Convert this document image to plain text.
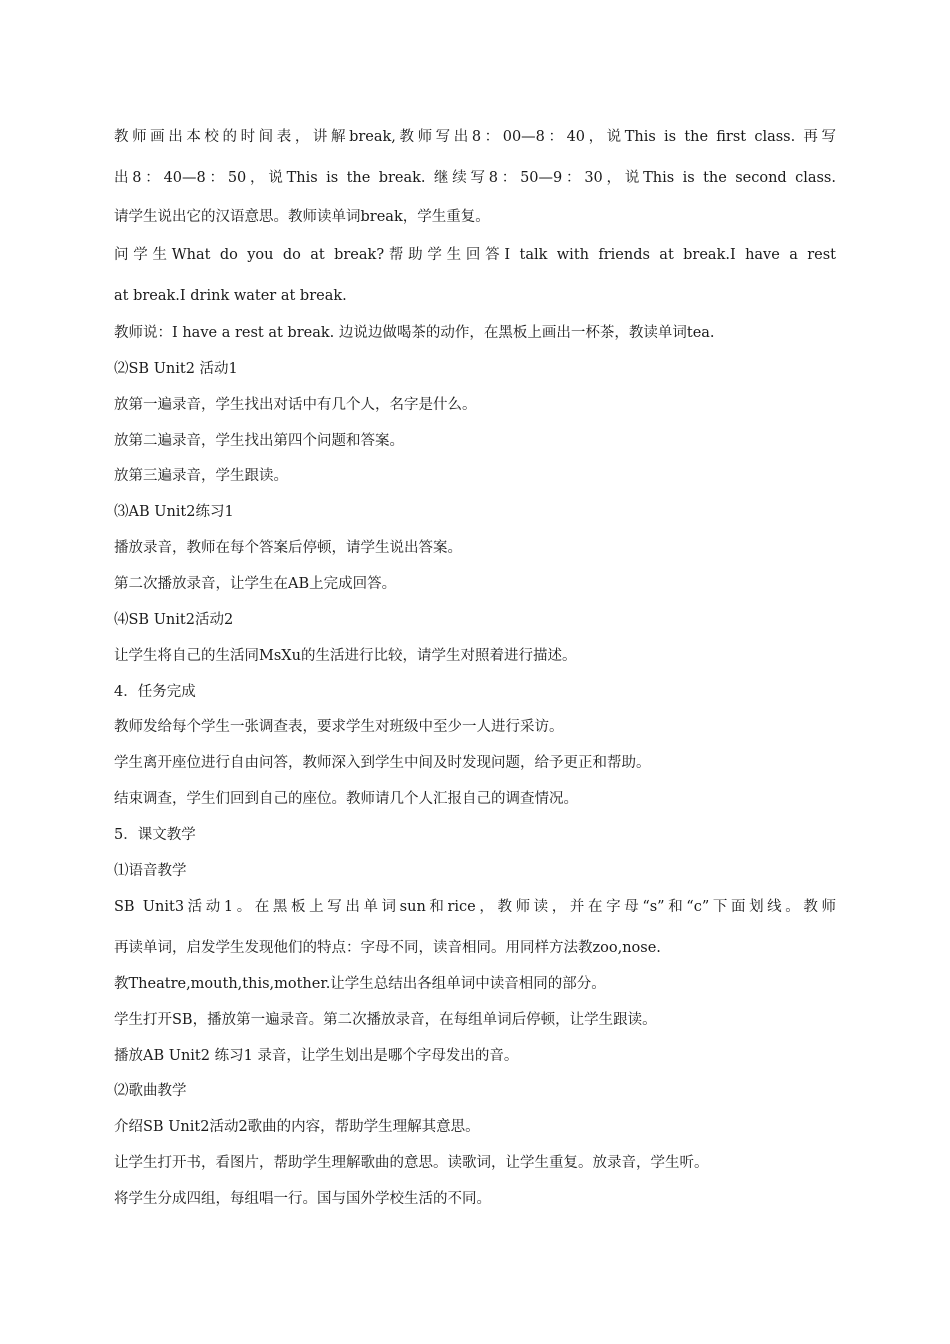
教师画出本校的时间表，讲解break,教师写出8：00—8：40，说This is the first class. 再写

出8：40—8：50，说This is the break. 继续写8：50—9：30，说This is the second class.

请学生说出它的汉语意思。教师读单词break，学生重复。

问学生What do you do at break?帮助学生回答I talk with friends at break.I have a rest

at break.I drink water at break.

教师说：I have a rest at break. 边说边做喝茶的动作，在黑板上画出一杯茶，教读单词tea.

⑵SB Unit2 活动1

放第一遍录音，学生找出对话中有几个人，名字是什么。

放第二遍录音，学生找出第四个问题和答案。

放第三遍录音，学生跟读。

⑶AB Unit2练习1

播放录音，教师在每个答案后停顿，请学生说出答案。

第二次播放录音，让学生在AB上完成回答。

⑷SB Unit2活动2

让学生将自己的生活同MsXu的生活进行比较，请学生对照着进行描述。

4．任务完成

教师发给每个学生一张调查表，要求学生对班级中至少一人进行采访。

学生离开座位进行自由问答，教师深入到学生中间及时发现问题，给予更正和帮助。

结束调查，学生们回到自己的座位。教师请几个人汇报自己的调查情况。

5．课文教学

⑴语音教学

SB Unit3活动1。在黑板上写出单词sun和rice，教师读，并在字母“s”和“c”下面划线。教师

再读单词，启发学生发现他们的特点：字母不同，读音相同。用同样方法教zoo,nose.

教Theatre,mouth,this,mother.让学生总结出各组单词中读音相同的部分。

学生打开SB，播放第一遍录音。第二次播放录音，在每组单词后停顿，让学生跟读。

播放AB Unit2 练习1 录音，让学生划出是哪个字母发出的音。

⑵歌曲教学

介绍SB Unit2活动2歌曲的内容，帮助学生理解其意思。

让学生打开书，看图片，帮助学生理解歌曲的意思。读歌词，让学生重复。放录音，学生听。

将学生分成四组，每组唱一行。国与国外学校生活的不同。
